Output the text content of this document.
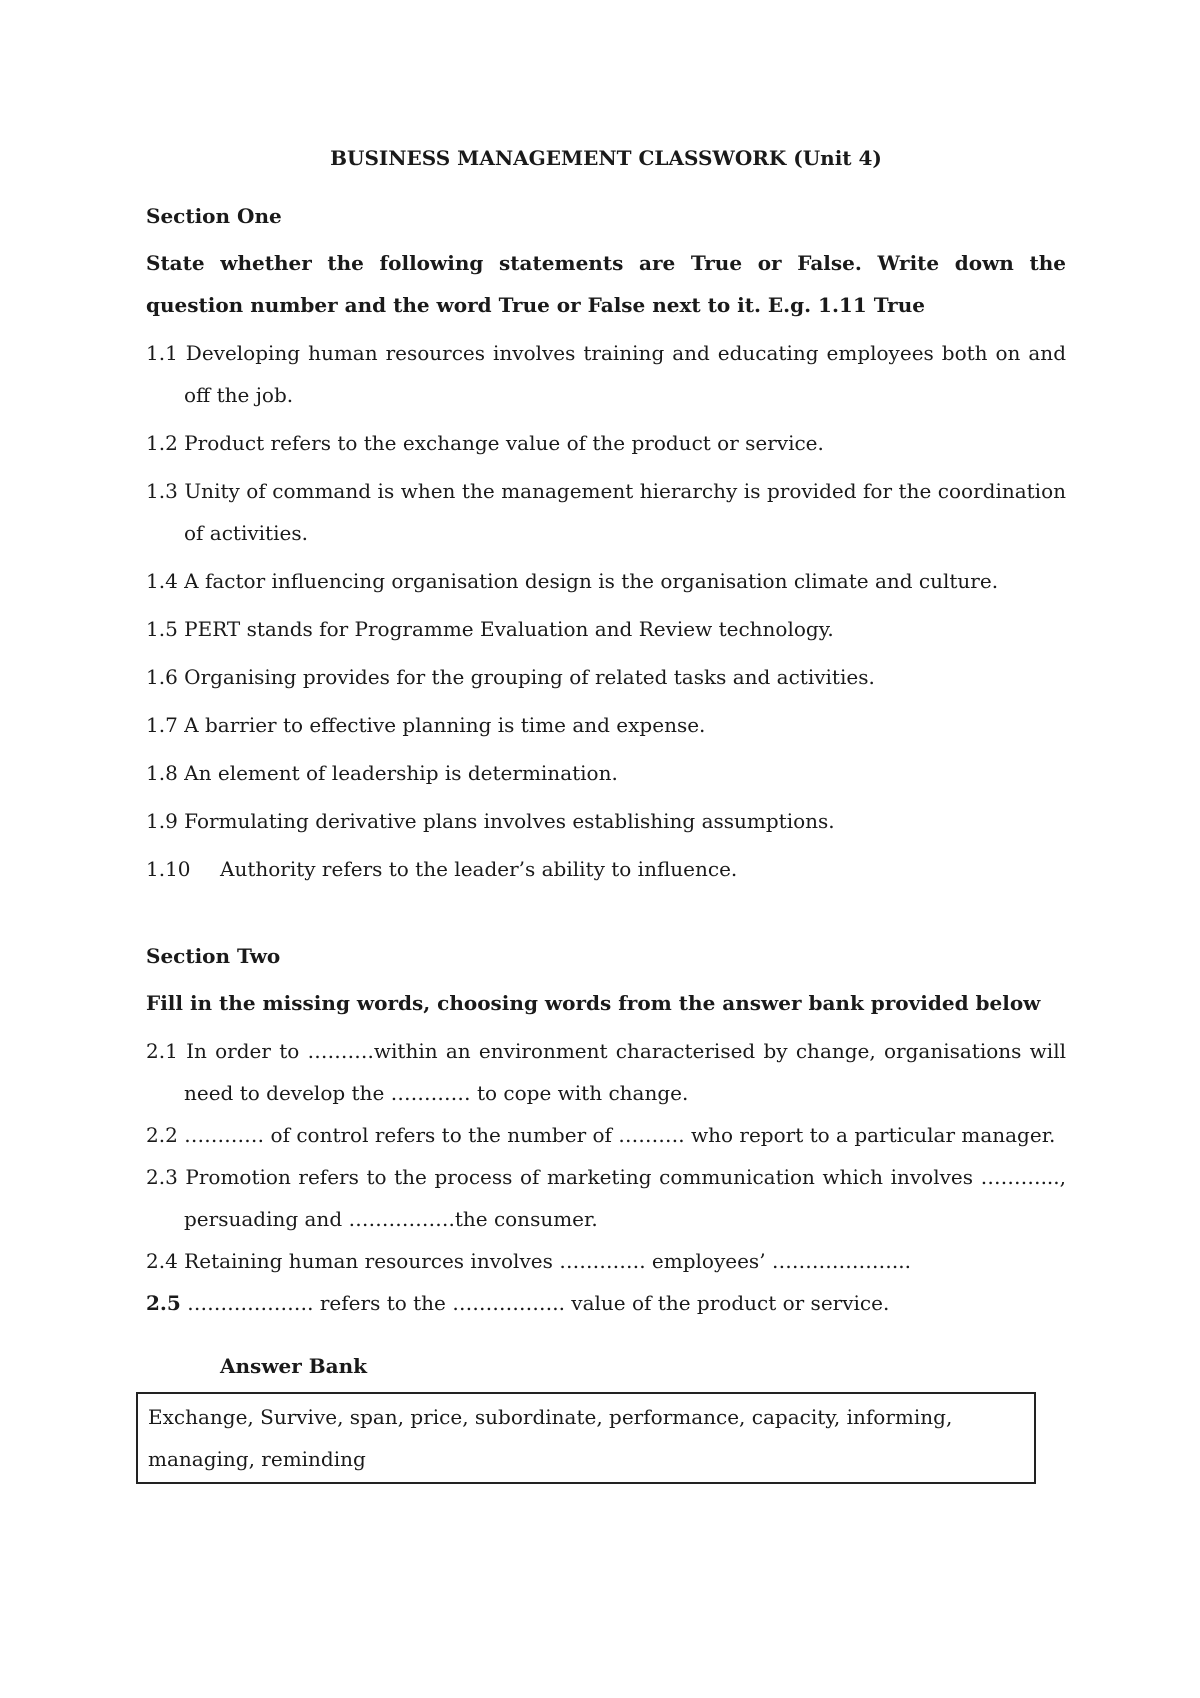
BUSINESS MANAGEMENT CLASSWORK (Unit 4)
Section One
State whether the following statements are True or False. Write down the question number and the word True or False next to it. E.g. 1.11 True
1.1 Developing human resources involves training and educating employees both on and off the job.
1.2 Product refers to the exchange value of the product or service.
1.3 Unity of command is when the management hierarchy is provided for the coordination of activities.
1.4 A factor influencing organisation design is the organisation climate and culture.
1.5 PERT stands for Programme Evaluation and Review technology.
1.6 Organising provides for the grouping of related tasks and activities.
1.7 A barrier to effective planning is time and expense.
1.8 An element of leadership is determination.
1.9 Formulating derivative plans involves establishing assumptions.
1.10 Authority refers to the leader’s ability to influence.
Section Two
Fill in the missing words, choosing words from the answer bank provided below
2.1 In order to ……….within an environment characterised by change, organisations will need to develop the ………… to cope with change.
2.2 ………… of control refers to the number of ………. who report to a particular manager.
2.3 Promotion refers to the process of marketing communication which involves ………..., persuading and …………….the consumer.
2.4 Retaining human resources involves …………. employees’ ………………...
2.5 ………………. refers to the …………….. value of the product or service.
Answer Bank
Exchange, Survive, span, price, subordinate, performance, capacity, informing, managing, reminding
